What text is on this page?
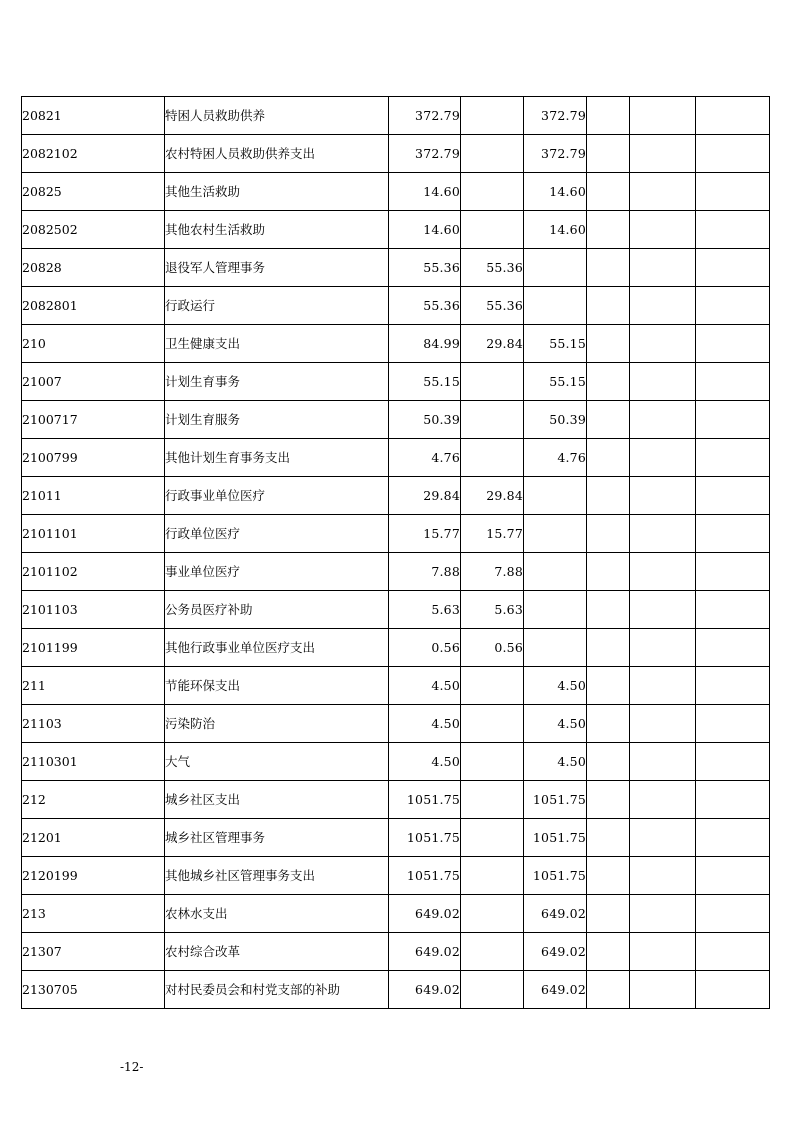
20821	特困人员救助供养	372.79		372.79			
2082102	农村特困人员救助供养支出	372.79		372.79			
20825	其他生活救助	14.60		14.60			
2082502	其他农村生活救助	14.60		14.60			
20828	退役军人管理事务	55.36	55.36				
2082801	行政运行	55.36	55.36				
210	卫生健康支出	84.99	29.84	55.15			
21007	计划生育事务	55.15		55.15			
2100717	计划生育服务	50.39		50.39			
2100799	其他计划生育事务支出	4.76		4.76			
21011	行政事业单位医疗	29.84	29.84				
2101101	行政单位医疗	15.77	15.77				
2101102	事业单位医疗	7.88	7.88				
2101103	公务员医疗补助	5.63	5.63				
2101199	其他行政事业单位医疗支出	0.56	0.56				
211	节能环保支出	4.50		4.50			
21103	污染防治	4.50		4.50			
2110301	大气	4.50		4.50			
212	城乡社区支出	1051.75		1051.75			
21201	城乡社区管理事务	1051.75		1051.75			
2120199	其他城乡社区管理事务支出	1051.75		1051.75			
213	农林水支出	649.02		649.02			
21307	农村综合改革	649.02		649.02			
2130705	对村民委员会和村党支部的补助	649.02		649.02			
-12-
